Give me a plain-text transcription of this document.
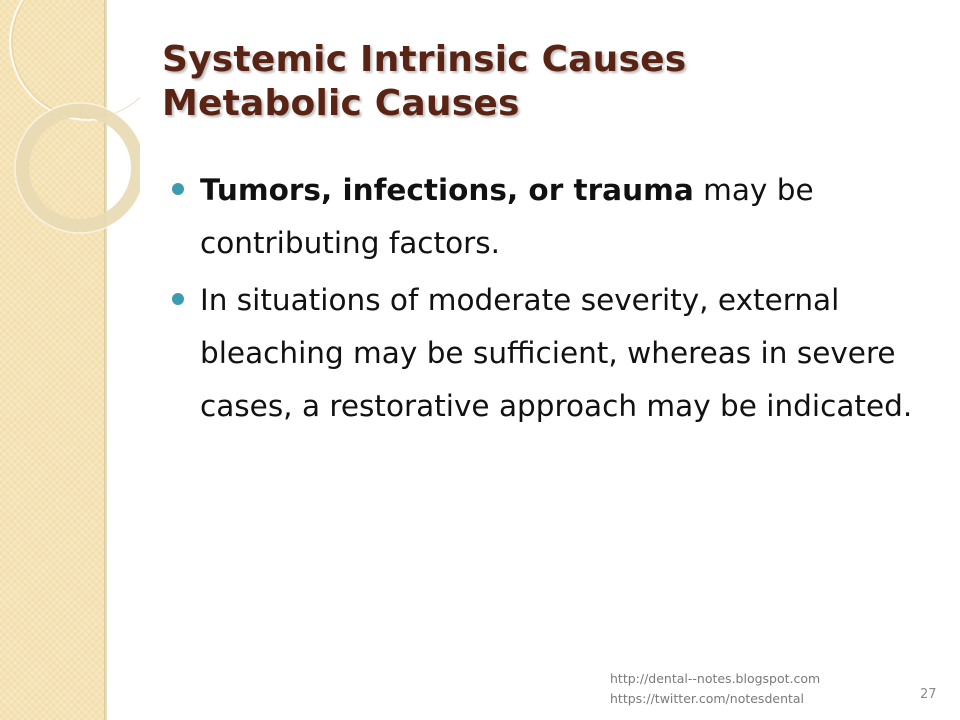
Systemic Intrinsic Causes
Metabolic Causes
Tumors, infections, or trauma may be contributing factors.
In situations of moderate severity, external bleaching may be sufficient, whereas in severe cases, a restorative approach may be indicated.
http://dental--notes.blogspot.com
https://twitter.com/notesdental	27
